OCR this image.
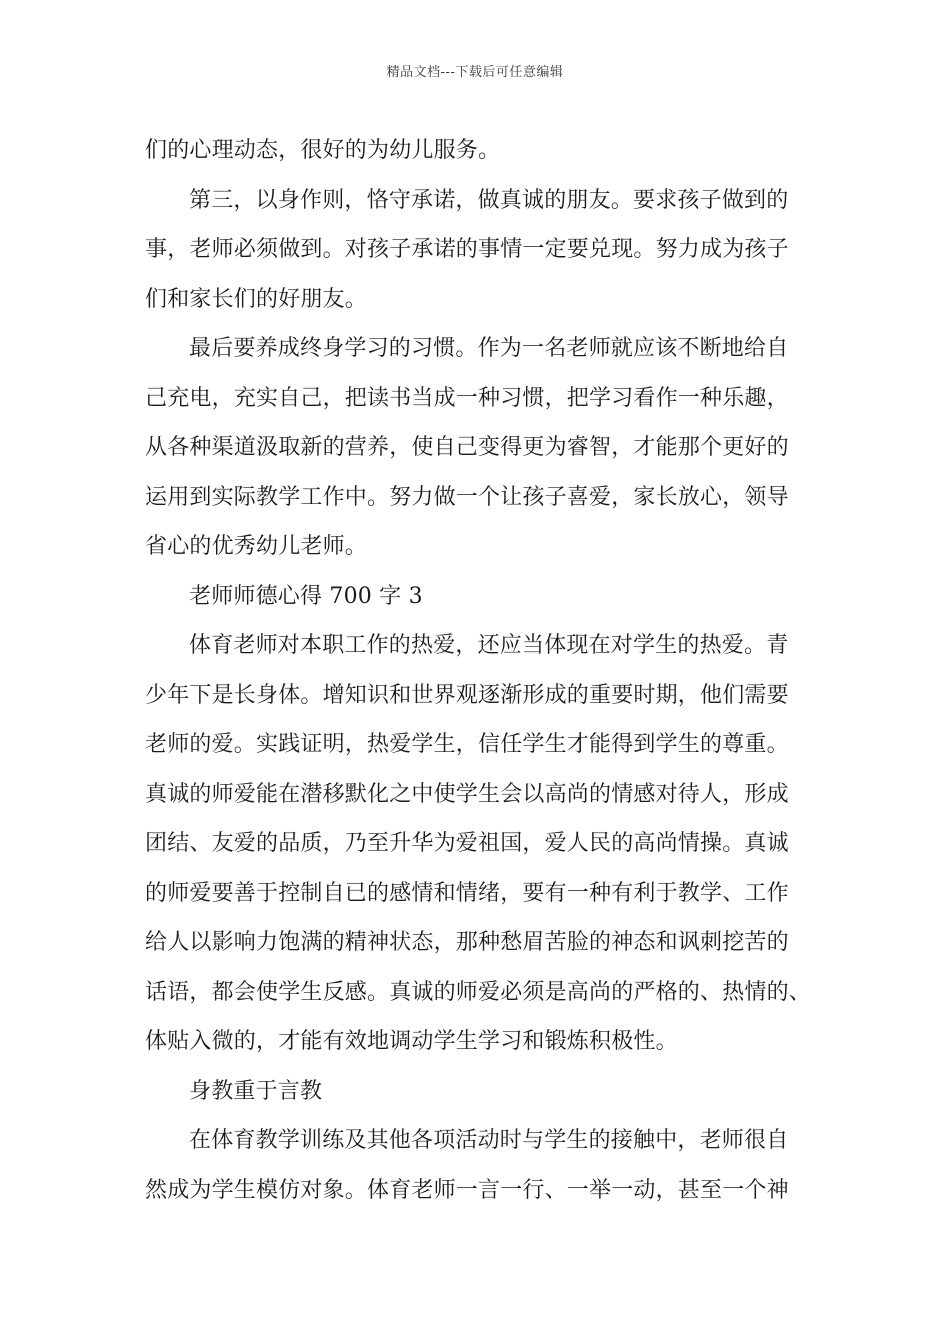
精品文档---下载后可任意编辑
们的心理动态，很好的为幼儿服务。
第三，以身作则，恪守承诺，做真诚的朋友。要求孩子做到的
事，老师必须做到。对孩子承诺的事情一定要兑现。努力成为孩子
们和家长们的好朋友。
最后要养成终身学习的习惯。作为一名老师就应该不断地给自
己充电，充实自己，把读书当成一种习惯，把学习看作一种乐趣，
从各种渠道汲取新的营养，使自己变得更为睿智，才能那个更好的
运用到实际教学工作中。努力做一个让孩子喜爱，家长放心，领导
省心的优秀幼儿老师。
老师师德心得 700 字 3
体育老师对本职工作的热爱，还应当体现在对学生的热爱。青
少年下是长身体。增知识和世界观逐渐形成的重要时期，他们需要
老师的爱。实践证明，热爱学生，信任学生才能得到学生的尊重。
真诚的师爱能在潜移默化之中使学生会以高尚的情感对待人，形成
团结、友爱的品质，乃至升华为爱祖国，爱人民的高尚情操。真诚
的师爱要善于控制自已的感情和情绪，要有一种有利于教学、工作
给人以影响力饱满的精神状态，那种愁眉苦脸的神态和讽刺挖苦的
话语，都会使学生反感。真诚的师爱必须是高尚的严格的、热情的、
体贴入微的，才能有效地调动学生学习和锻炼积极性。
身教重于言教
在体育教学训练及其他各项活动时与学生的接触中，老师很自
然成为学生模仿对象。体育老师一言一行、一举一动，甚至一个神
